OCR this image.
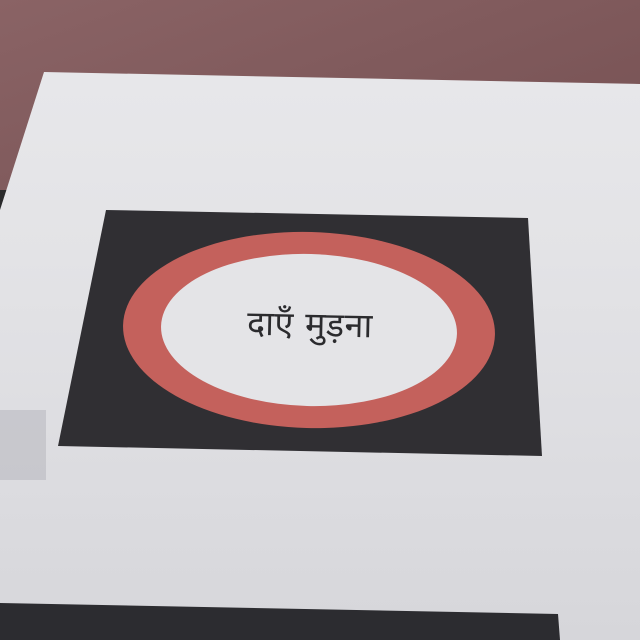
दाएँ मुड़ना
